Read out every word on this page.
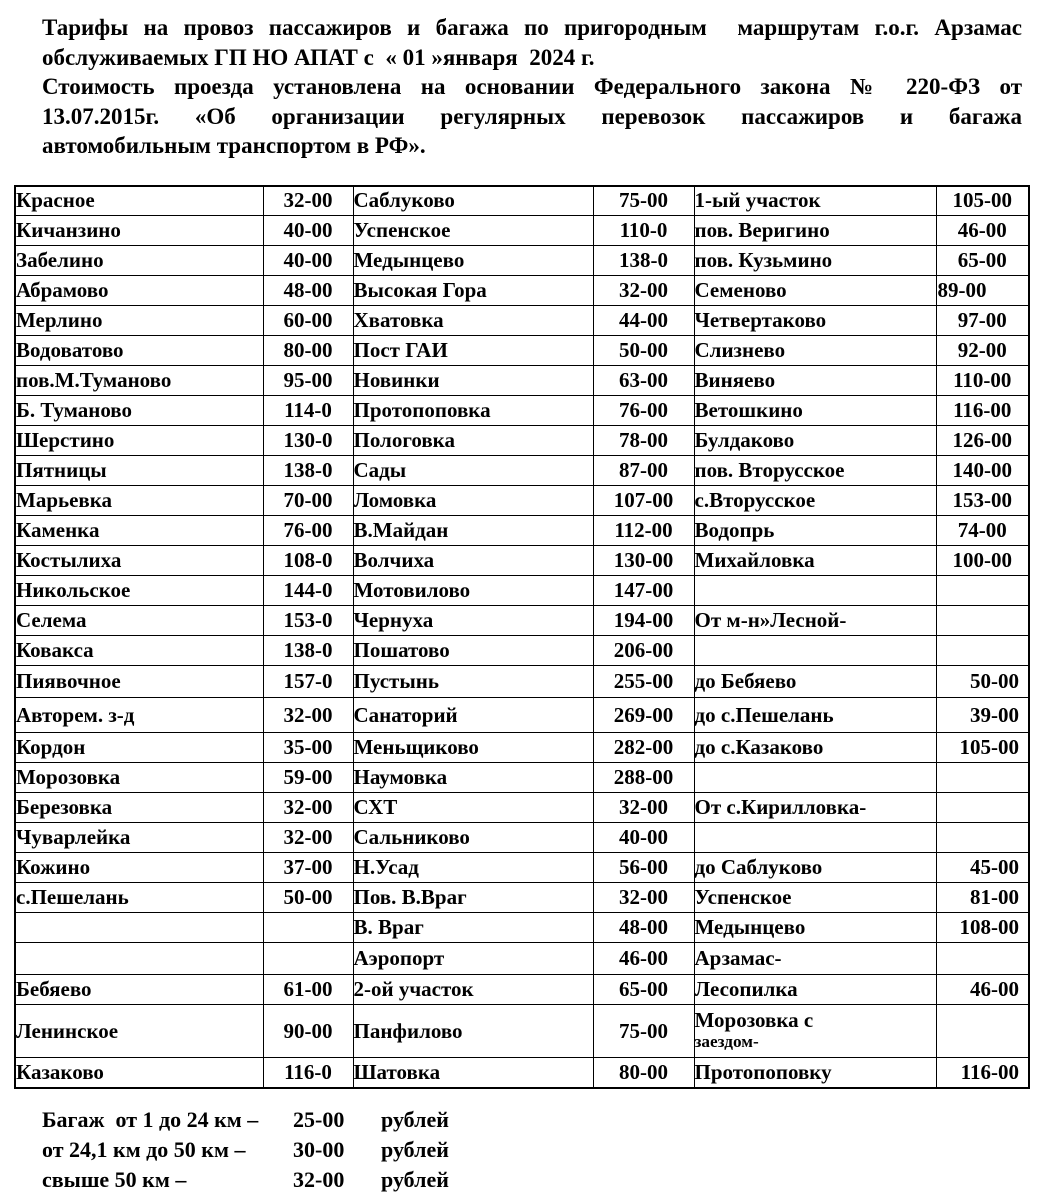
Тарифы на провоз пассажиров и багажа по пригородным  маршрутам г.о.г. Арзамас
обслуживаемых ГП НО АПАТ с  « 01 »января  2024 г.
Стоимость проезда установлена на основании Федерального закона № 220-ФЗ от
13.07.2015г. «Об организации регулярных перевозок пассажиров и багажа
автомобильным транспортом в РФ».
Красное	32-00	Саблуково	75-00	1-ый участок	105-00
Кичанзино	40-00	Успенское	110-0	пов. Веригино	46-00
Забелино	40-00	Медынцево	138-0	пов. Кузьмино	65-00
Абрамово	48-00	Высокая Гора	32-00	Семеново	89-00
Мерлино	60-00	Хватовка	44-00	Четвертаково	97-00
Водоватово	80-00	Пост ГАИ	50-00	Слизнево	92-00
пов.М.Туманово	95-00	Новинки	63-00	Виняево	110-00
Б. Туманово	114-0	Протопоповка	76-00	Ветошкино	116-00
Шерстино	130-0	Пологовка	78-00	Булдаково	126-00
Пятницы	138-0	Сады	87-00	пов. Вторусское	140-00
Марьевка	70-00	Ломовка	107-00	с.Вторусское	153-00
Каменка	76-00	В.Майдан	112-00	Водопрь	74-00
Костылиха	108-0	Волчиха	130-00	Михайловка	100-00
Никольское	144-0	Мотовилово	147-00		
Селема	153-0	Чернуха	194-00	От м-н»Лесной-	
Ковакса	138-0	Пошатово	206-00		
Пиявочное	157-0	Пустынь	255-00	до Бебяево	50-00
Авторем. з-д	32-00	Санаторий	269-00	до с.Пешелань	39-00
Кордон	35-00	Меньщиково	282-00	до с.Казаково	105-00
Морозовка	59-00	Наумовка	288-00		
Березовка	32-00	СХТ	32-00	От с.Кирилловка-	
Чуварлейка	32-00	Сальниково	40-00		
Кожино	37-00	Н.Усад	56-00	до Саблуково	45-00
с.Пешелань	50-00	Пов. В.Враг	32-00	Успенское	81-00
		В. Враг	48-00	Медынцево	108-00
		Аэропорт	46-00	Арзамас-	
Бебяево	61-00	2-ой участок	65-00	Лесопилка	46-00
Ленинское	90-00	Панфилово	75-00	Морозовка с
заездом-	

Казаково	116-0	Шатовка	80-00	Протопоповку	116-00
Багаж  от 1 до 24 км –	25-00	рублей
от 24,1 км до 50 км –	30-00	рублей
свыше 50 км –	32-00	рублей
